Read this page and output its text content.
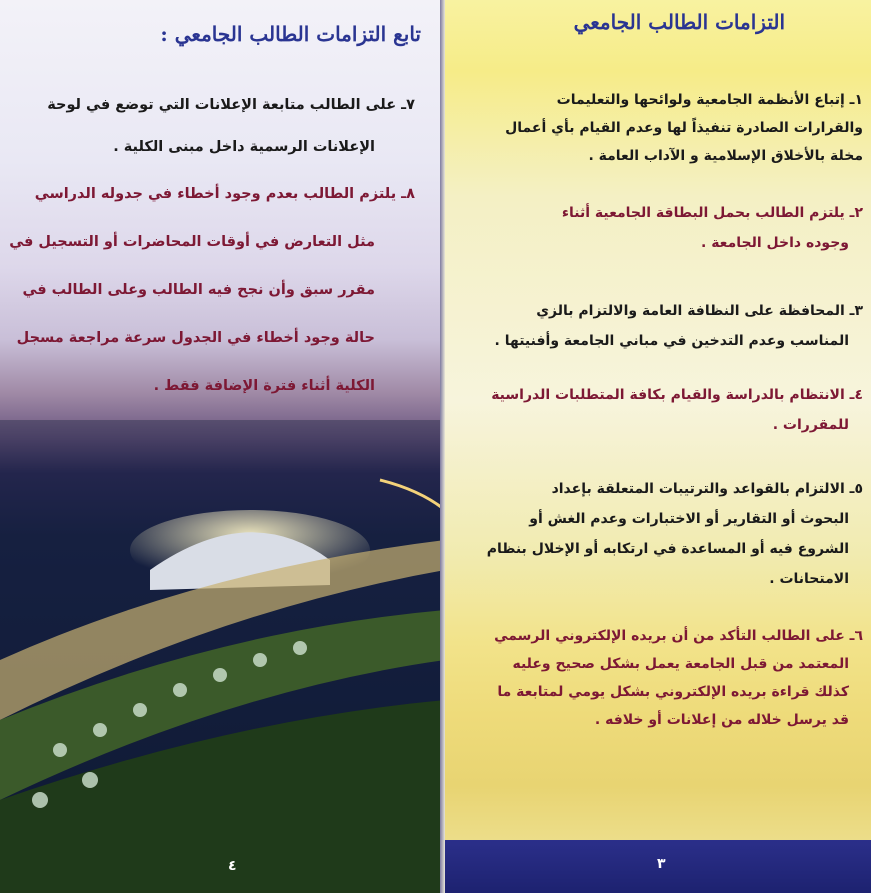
تابع التزامات الطالب الجامعي :

٧ـ على الطالب متابعة الإعلانات التي توضع في لوحة

الإعلانات الرسمية داخل مبنى الكلية .

٨ـ يلتزم الطالب بعدم وجود أخطاء في جدوله الدراسي

مثل التعارض في أوقات المحاضرات أو التسجيل في

مقرر سبق وأن نجح فيه الطالب وعلى الطالب في

حالة وجود أخطاء في الجدول سرعة مراجعة مسجل

الكلية أثناء فترة الإضافة فقط .

٤
التزامات الطالب الجامعي

١ـ إتباع الأنظمة الجامعية ولوائحها والتعليمات

والقرارات الصادرة تنفيذاً لها وعدم القيام بأي أعمال

مخلة بالأخلاق الإسلامية و الآداب العامة .

٢ـ يلتزم الطالب بحمل البطاقة الجامعية أثناء

وجوده داخل الجامعة .

٣ـ المحافظة على النظافة العامة والالتزام بالزي

المناسب وعدم التدخين في مباني الجامعة وأفنيتها .

٤ـ الانتظام بالدراسة والقيام بكافة المتطلبات الدراسية

للمقررات .

٥ـ الالتزام بالقواعد والترتيبات المتعلقة بإعداد

البحوث أو التقارير أو الاختبارات وعدم الغش أو

الشروع فيه أو المساعدة في ارتكابه أو الإخلال بنظام

الامتحانات .

٦ـ على الطالب التأكد من أن بريده الإلكتروني الرسمي

المعتمد من قبل الجامعة يعمل بشكل صحيح وعليه

كذلك قراءة بريده الإلكتروني بشكل يومي لمتابعة ما

قد يرسل خلاله من إعلانات أو خلافه .

٣
